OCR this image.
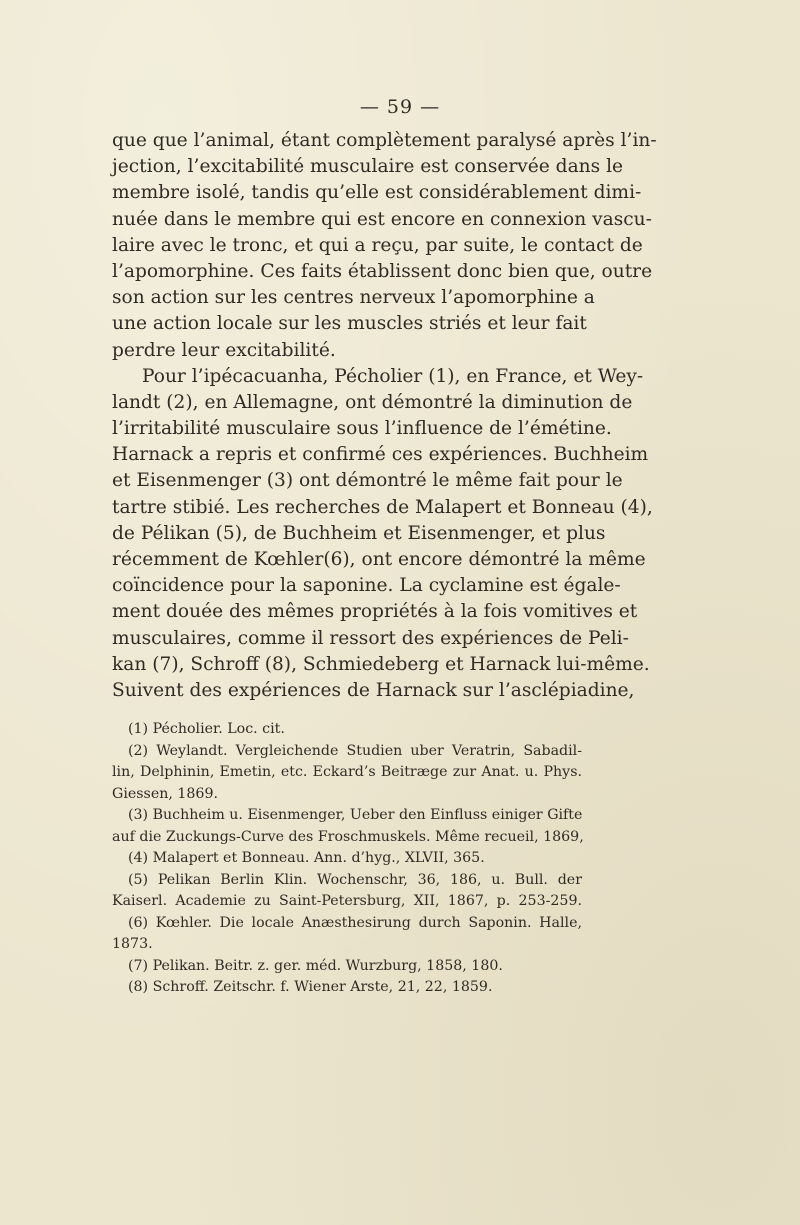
— 59 —
que que l’animal, étant complètement paralysé après l’in-
jection, l’excitabilité musculaire est conservée dans le
membre isolé, tandis qu’elle est considérablement dimi-
nuée dans le membre qui est encore en connexion vascu-
laire avec le tronc, et qui a reçu, par suite, le contact de
l’apomorphine. Ces faits établissent donc bien que, outre
son action sur les centres nerveux l’apomorphine a
une action locale sur les muscles striés et leur fait
perdre leur excitabilité.
Pour l’ipécacuanha, Pécholier (1), en France, et Wey-
landt (2), en Allemagne, ont démontré la diminution de
l’irritabilité musculaire sous l’influence de l’émétine.
Harnack a repris et confirmé ces expériences. Buchheim
et Eisenmenger (3) ont démontré le même fait pour le
tartre stibié. Les recherches de Malapert et Bonneau (4),
de Pélikan (5), de Buchheim et Eisenmenger, et plus
récemment de Kœhler(6), ont encore démontré la même
coïncidence pour la saponine. La cyclamine est égale-
ment douée des mêmes propriétés à la fois vomitives et
musculaires, comme il ressort des expériences de Peli-
kan (7), Schroff (8), Schmiedeberg et Harnack lui-même.
Suivent des expériences de Harnack sur l’asclépiadine,
(1) Pécholier. Loc. cit.
(2) Weylandt. Vergleichende Studien uber Veratrin, Sabadil-
lin, Delphinin, Emetin, etc. Eckard’s Beitræge zur Anat. u. Phys.
Giessen, 1869.
(3) Buchheim u. Eisenmenger, Ueber den Einfluss einiger Gifte
auf die Zuckungs-Curve des Froschmuskels. Même recueil, 1869,
(4) Malapert et Bonneau. Ann. d’hyg., XLVII, 365.
(5) Pelikan Berlin Klin. Wochenschr, 36, 186, u. Bull. der
Kaiserl. Academie zu Saint-Petersburg, XII, 1867, p. 253-259.
(6) Kœhler. Die locale Anæsthesirung durch Saponin. Halle,
1873.
(7) Pelikan. Beitr. z. ger. méd. Wurzburg, 1858, 180.
(8) Schroff. Zeitschr. f. Wiener Arste, 21, 22, 1859.
